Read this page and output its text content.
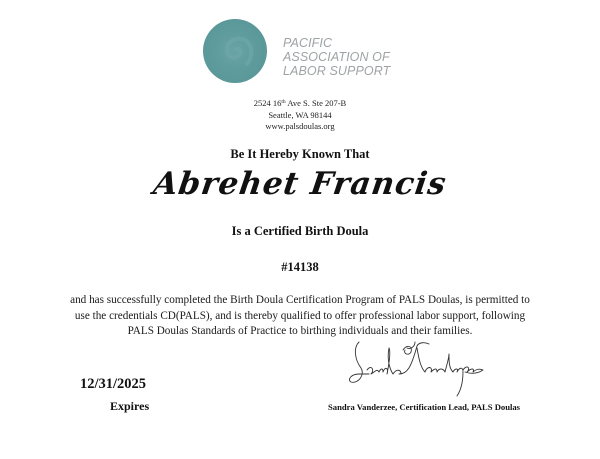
PACIFIC
ASSOCIATION OF
LABOR SUPPORT
2524 16th Ave S. Ste 207-B
Seattle, WA 98144
www.palsdoulas.org
Be It Hereby Known That
Abrehet Francis
Is a Certified Birth Doula
#14138
and has successfully completed the Birth Doula Certification Program of PALS Doulas, is permitted to
use the credentials CD(PALS), and is thereby qualified to offer professional labor support, following
PALS Doulas Standards of Practice to birthing individuals and their families.
12/31/2025
Expires	Sandra Vanderzee, Certification Lead, PALS Doulas
